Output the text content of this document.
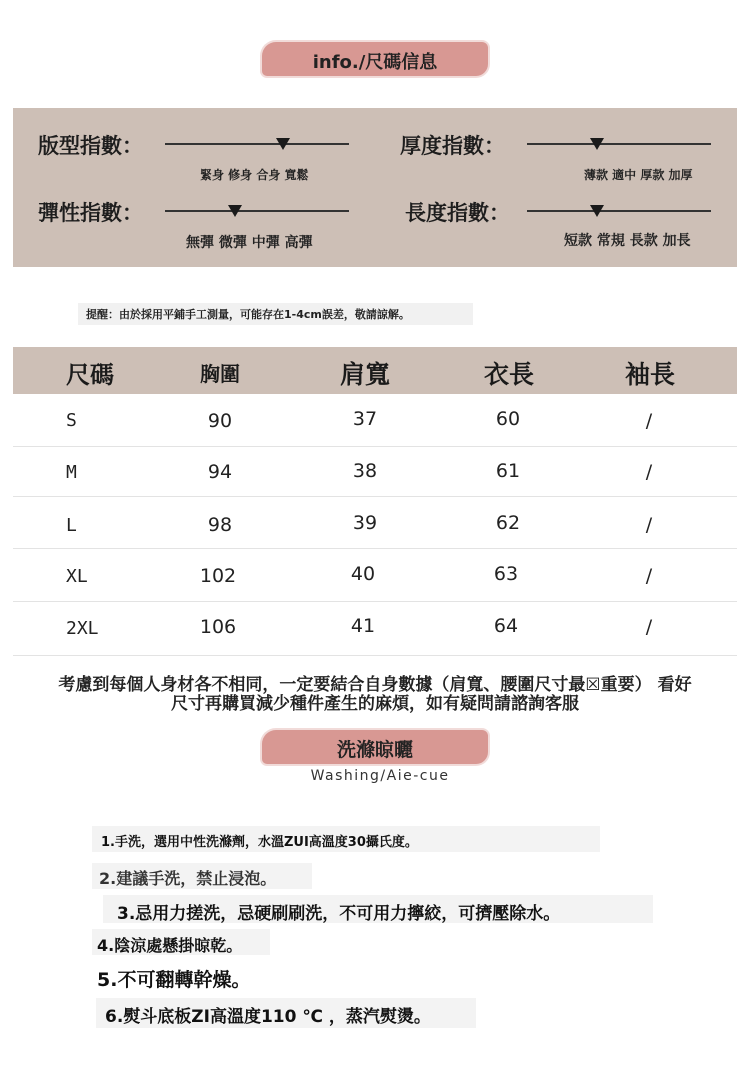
info./尺碼信息
版型指數：
緊身 修身 合身 寬鬆
厚度指數：
薄款 適中 厚款 加厚
彈性指數：
無彈 微彈 中彈 高彈
長度指數：
短款 常規 長款 加長
提醒：由於採用平鋪手工測量，可能存在1-4cm誤差，敬請諒解。
尺碼	胸圍	肩寬	衣長	袖長
S	90	37	60	/
M	94	38	61	/
L	98	39	62	/
XL	102	40	63	/
2XL	106	41	64	/
考慮到每個人身材各不相同，一定要結合自身數據（肩寬、腰圍尺寸最☒重要） 看好
尺寸再購買減少種件產生的麻煩，如有疑問請諮詢客服
洗滌晾曬
Washing/Aie-cue
1.手洗，選用中性洗滌劑，水溫ZUI高溫度30攝氏度。
2.建議手洗，禁止浸泡。
3.忌用力搓洗，忌硬刷刷洗，不可用力擰絞，可擠壓除水。
4.陰涼處懸掛晾乾。
5.不可翻轉幹燥。
6.熨斗底板ZI高溫度110 ℃ ，蒸汽熨燙。
